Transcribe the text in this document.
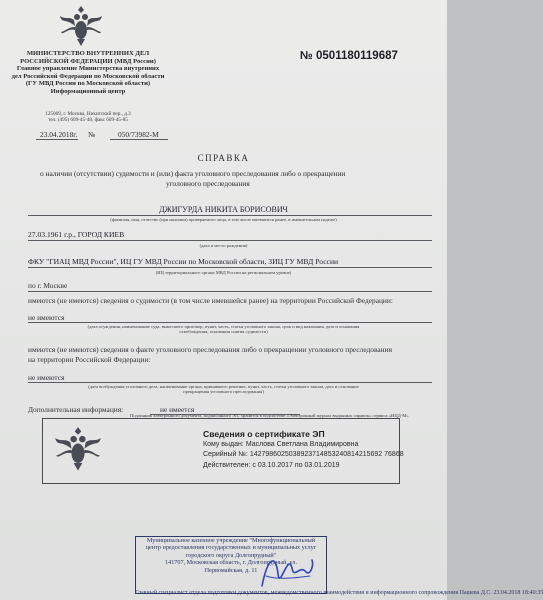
МИНИСТЕРСТВО ВНУТРЕННИХ ДЕЛ
РОССИЙСКОЙ ФЕДЕРАЦИИ (МВД России)
Главное управление Министерства внутренних
дел Российской Федерации по Московской области
(ГУ МВД России по Московской области)
Информационный центр
125009, г. Москва, Никитский пер., д.3
тел. (495) 609-45-48, факс 609-45-85
23.04.2018г. №	050/73982-М
№ 0501180119687
СПРАВКА
о наличии (отсутствии) судимости и (или) факта уголовного преследования либо о прекращении
уголовного преследования
ДЖИГУРДА НИКИТА БОРИСОВИЧ
(фамилия, имя, отчество (при наличии) проверяемого лица, в том числе имевшиеся ранее, в именительном падеже)
27.03.1961 г.р., ГОРОД КИЕВ
(дата и место рождения)
ФКУ "ГИАЦ МВД России", ИЦ ГУ МВД России по Московской области, ЗИЦ ГУ МВД России
(ИЦ территориального органа МВД России на региональном уровне)
по г. Москве
имеются (не имеются) сведения о судимости (в том числе имевшейся ранее) на территории Российской Федерации:
не имеются
(дата осуждения, наименование суда, вынесшего приговор, пункт, часть, статья уголовного закона, срок и вид наказания, дата и основания
освобождения, основания снятия судимости)
имеются (не имеются) сведения о факте уголовного преследования либо о прекращении уголовного преследования
на территории Российской Федерации:
не имеются
(дата возбуждения уголовного дела, наименование органа, принявшего решение, пункт, часть, статья уголовного закона, дата и основание
прекращения уголовного преследования)
Дополнительная информация:	не имеется
Подлинник электронного документа, подписанного ЭП, хранится в подсистеме «Электронный журнал выданных справок» сервиса «ИЦД-М»
Сведения о сертификате ЭП
Кому выдан: Маслова Светлана Владимировна
Серийный №: 1427986025038923714853240814215692 76868
Действителен: с 03.10.2017 по 03.01.2019
Муниципальное казенное учреждение "Многофункциональный
центр предоставления государственных и муниципальных услуг
городского округа Долгопрудный"
141707, Московская область, г. Долгопрудный, ул.
Первомайская, д. 11
Главный специалист отдела подготовки документов, межведомственного взаимодействия и информационного сопровождения Пашева Д.С. 23.04.2018 18:40:35
